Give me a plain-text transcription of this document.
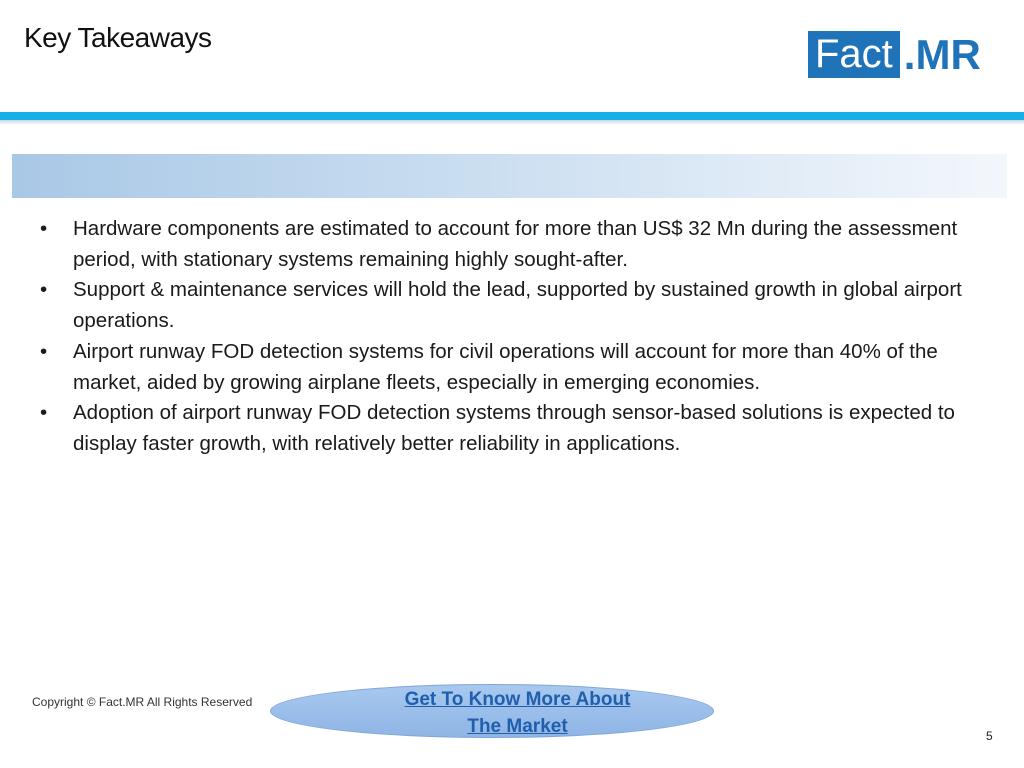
Key Takeaways	Fact .MR
• Hardware components are estimated to account for more than US$ 32 Mn during the assessment period, with stationary systems remaining highly sought-after.
• Support & maintenance services will hold the lead, supported by sustained growth in global airport operations.
• Airport runway FOD detection systems for civil operations will account for more than 40% of the market, aided by growing airplane fleets, especially in emerging economies.
• Adoption of airport runway FOD detection systems through sensor-based solutions is expected to display faster growth, with relatively better reliability in applications.
Copyright © Fact.MR All Rights Reserved	Get To Know More About
The Market	5
